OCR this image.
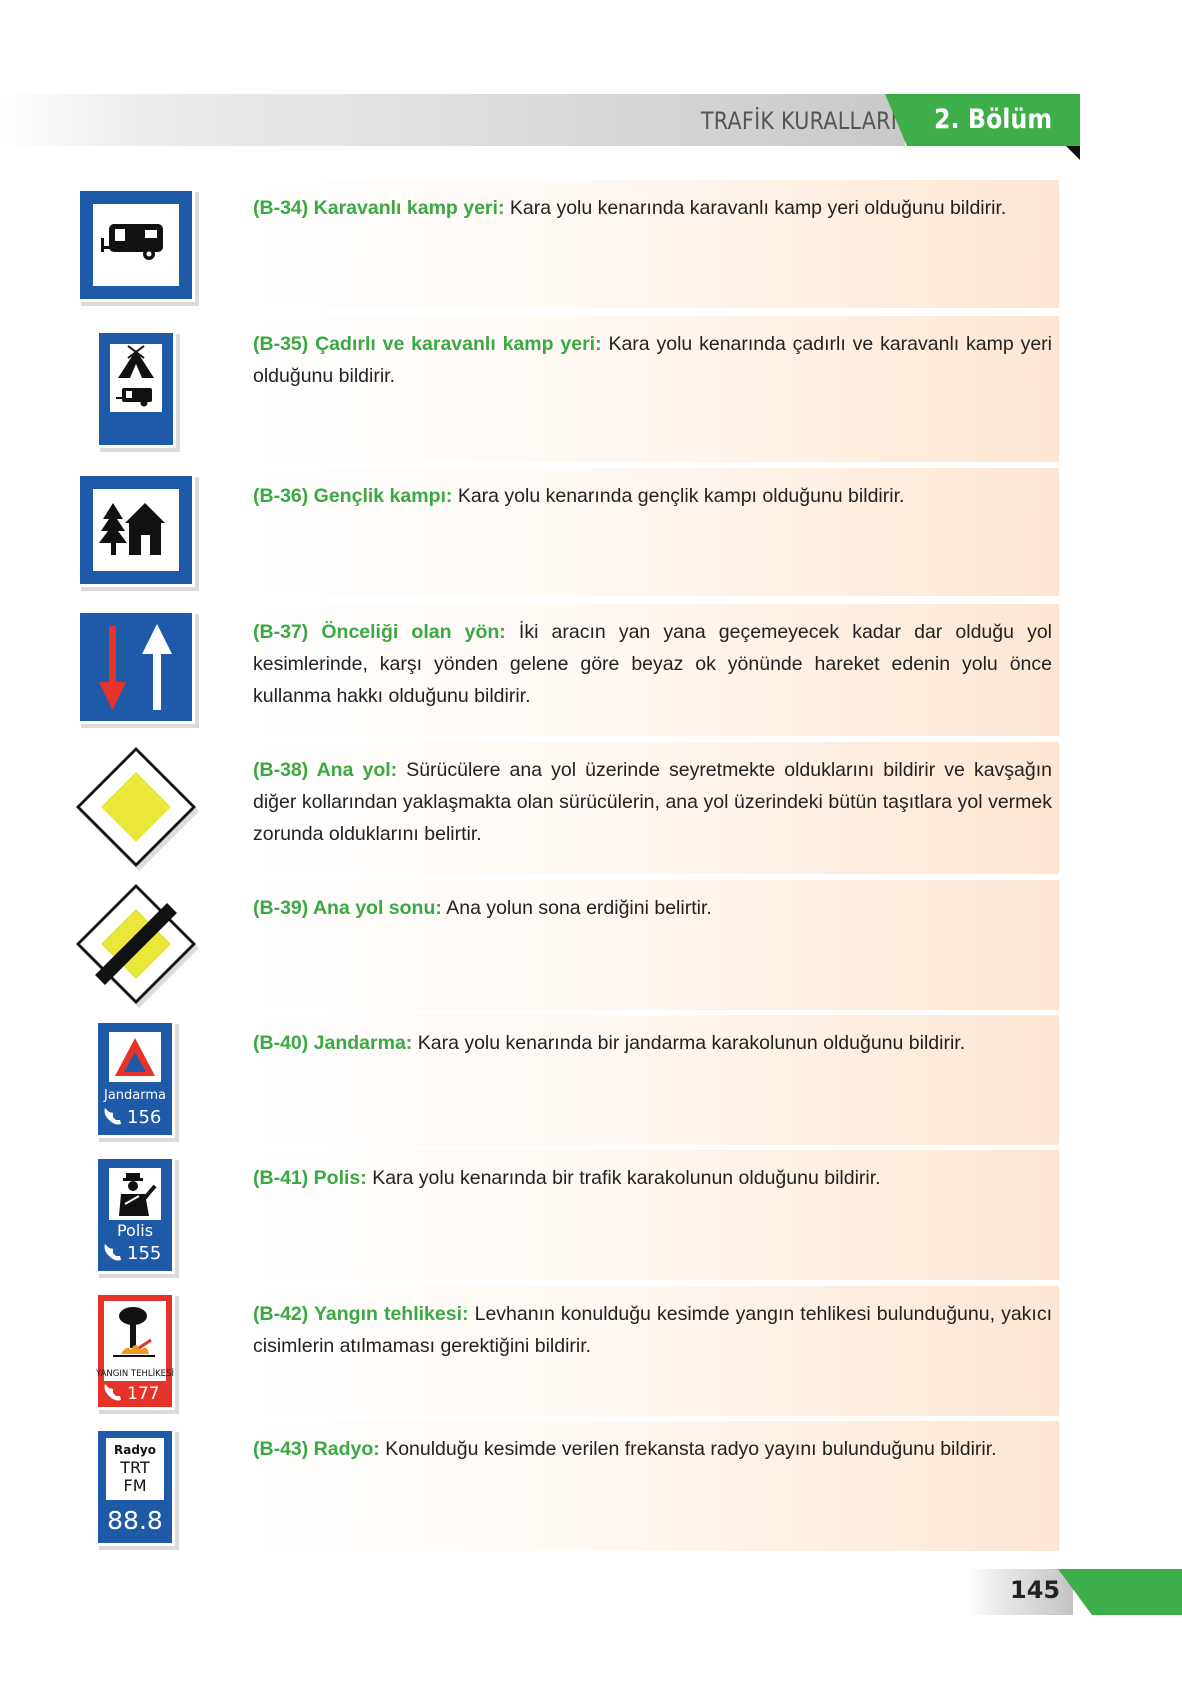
TRAFİK KURALLARI 2. Bölüm

(B-34) Karavanlı kamp yeri: Kara yolu kenarında karavanlı kamp yeri olduğunu bildirir.

(B-35) Çadırlı ve karavanlı kamp yeri: Kara yolu kenarında çadırlı ve karavanlı kamp yeri olduğunu bildirir.

(B-36) Gençlik kampı: Kara yolu kenarında gençlik kampı olduğunu bildirir.

(B-37) Önceliği olan yön: İki aracın yan yana geçemeyecek kadar dar olduğu yol kesimlerinde, karşı yönden gelene göre beyaz ok yönünde hareket edenin yolu önce kullanma hakkı olduğunu bildirir.

(B-38) Ana yol: Sürücülere ana yol üzerinde seyretmekte olduklarını bildirir ve kavşağın diğer kollarından yaklaşmakta olan sürücülerin, ana yol üzerindeki bütün taşıtlara yol vermek zorunda olduklarını belirtir.

(B-39) Ana yol sonu: Ana yolun sona erdiğini belirtir.

(B-40) Jandarma: Kara yolu kenarında bir jandarma karakolunun olduğunu bildirir.

(B-41) Polis: Kara yolu kenarında bir trafik karakolunun olduğunu bildirir.

(B-42) Yangın tehlikesi: Levhanın konulduğu kesimde yangın tehlikesi bulunduğunu, yakıcı cisimlerin atılmaması gerektiğini bildirir.

(B-43) Radyo: Konulduğu kesimde verilen frekansta radyo yayını bulunduğunu bildirir.

Jandarma
156
Polis
155
YANGIN TEHLİKESİ
177
Radyo
TRT
FM
88.8
145
